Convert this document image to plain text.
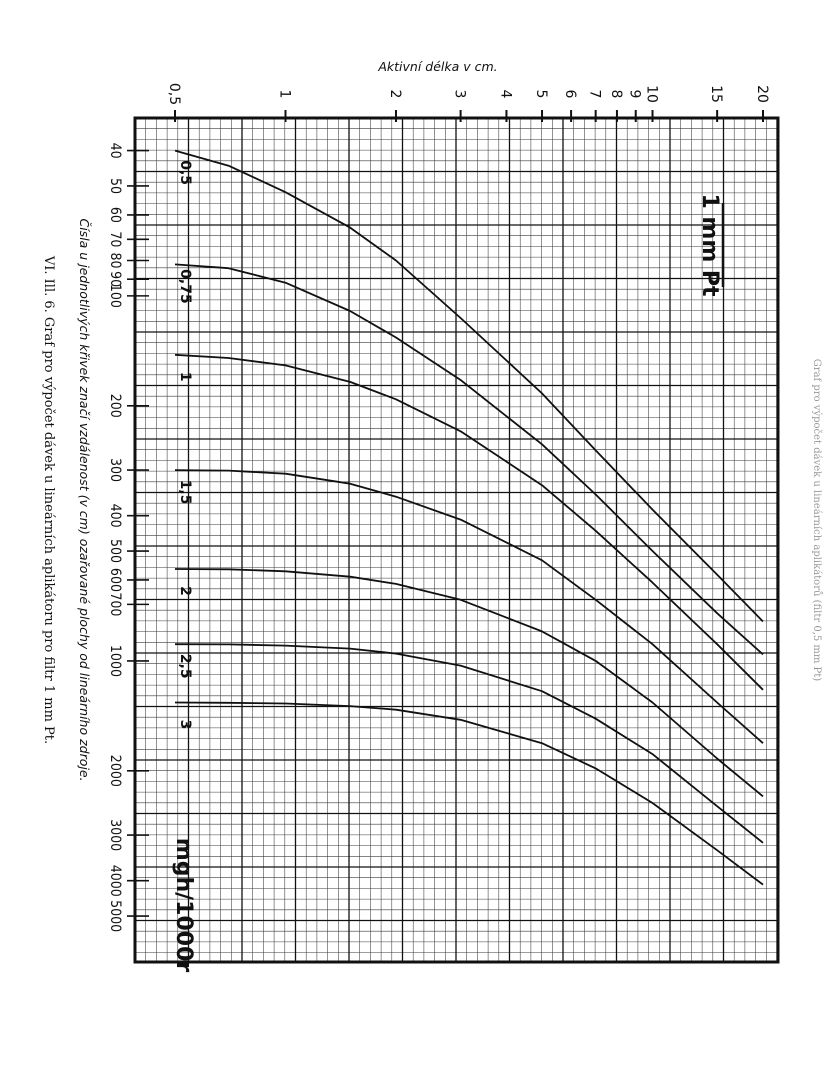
Graf pro výpočet dávek u lineárních aplikátorů (filtr 0,5 mm Pt)
0,5	1	2	3 4 5 6 7 8 9 10	15 20
40
50
60
70
80
90
100
200
300
400
500
600
700
1000
2000
3000
4000
5000
0,5
0,75
1
1,5
2
2,5
3
Aktivní délka v cm.
1 mm Pt
mgh/1000r
Čísla u jednotlivých křivek značí vzdálenost (v cm) ozařované plochy od lineárního zdroje.
VI. Ill. 6. Graf pro výpočet dávek u lineárních aplikátoru pro filtr 1 mm Pt.
